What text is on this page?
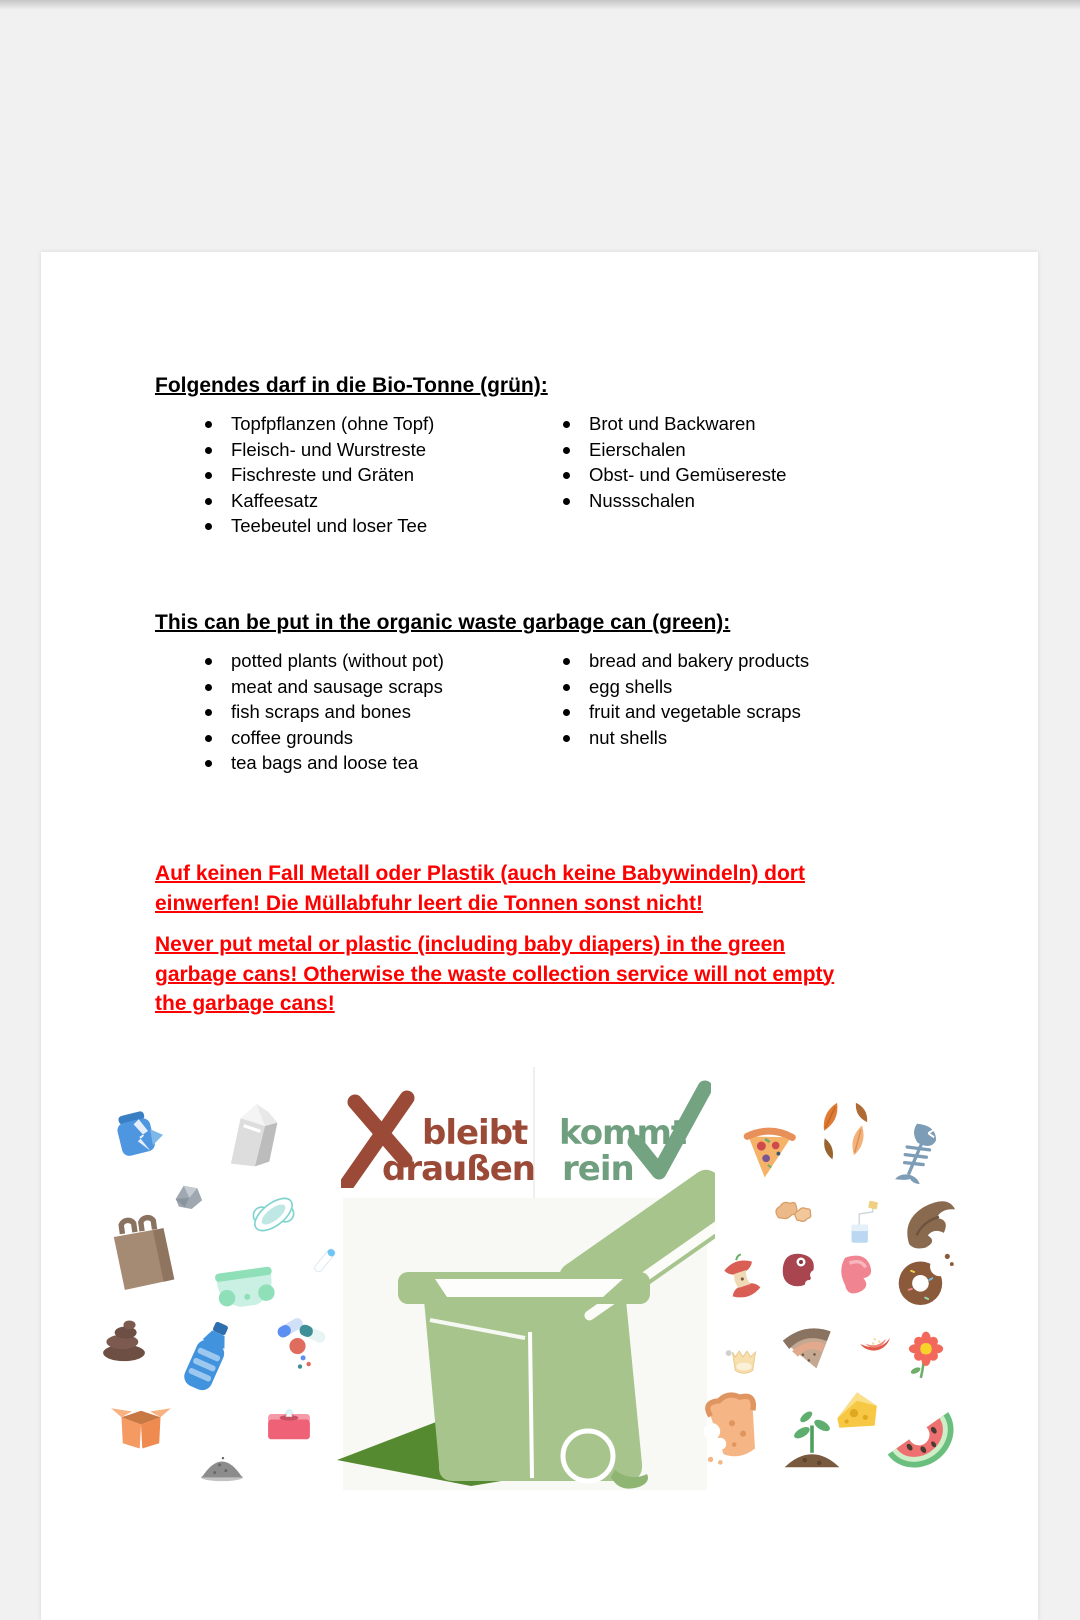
Folgendes darf in die Bio-Tonne (grün):
Topfpflanzen (ohne Topf)
Fleisch- und Wurstreste
Fischreste und Gräten
Kaffeesatz
Teebeutel und loser Tee
Brot und Backwaren
Eierschalen
Obst- und Gemüsereste
Nussschalen
This can be put in the organic waste garbage can (green):
potted plants (without pot)
meat and sausage scraps
fish scraps and bones
coffee grounds
tea bags and loose tea
bread and bakery products
egg shells
fruit and vegetable scraps
nut shells
Auf keinen Fall Metall oder Plastik (auch keine Babywindeln) dort
einwerfen! Die Müllabfuhr leert die Tonnen sonst nicht!
Never put metal or plastic (including baby diapers) in the green
garbage cans! Otherwise the waste collection service will not empty
the garbage cans!
bleibt
draußen
kommt
rein
